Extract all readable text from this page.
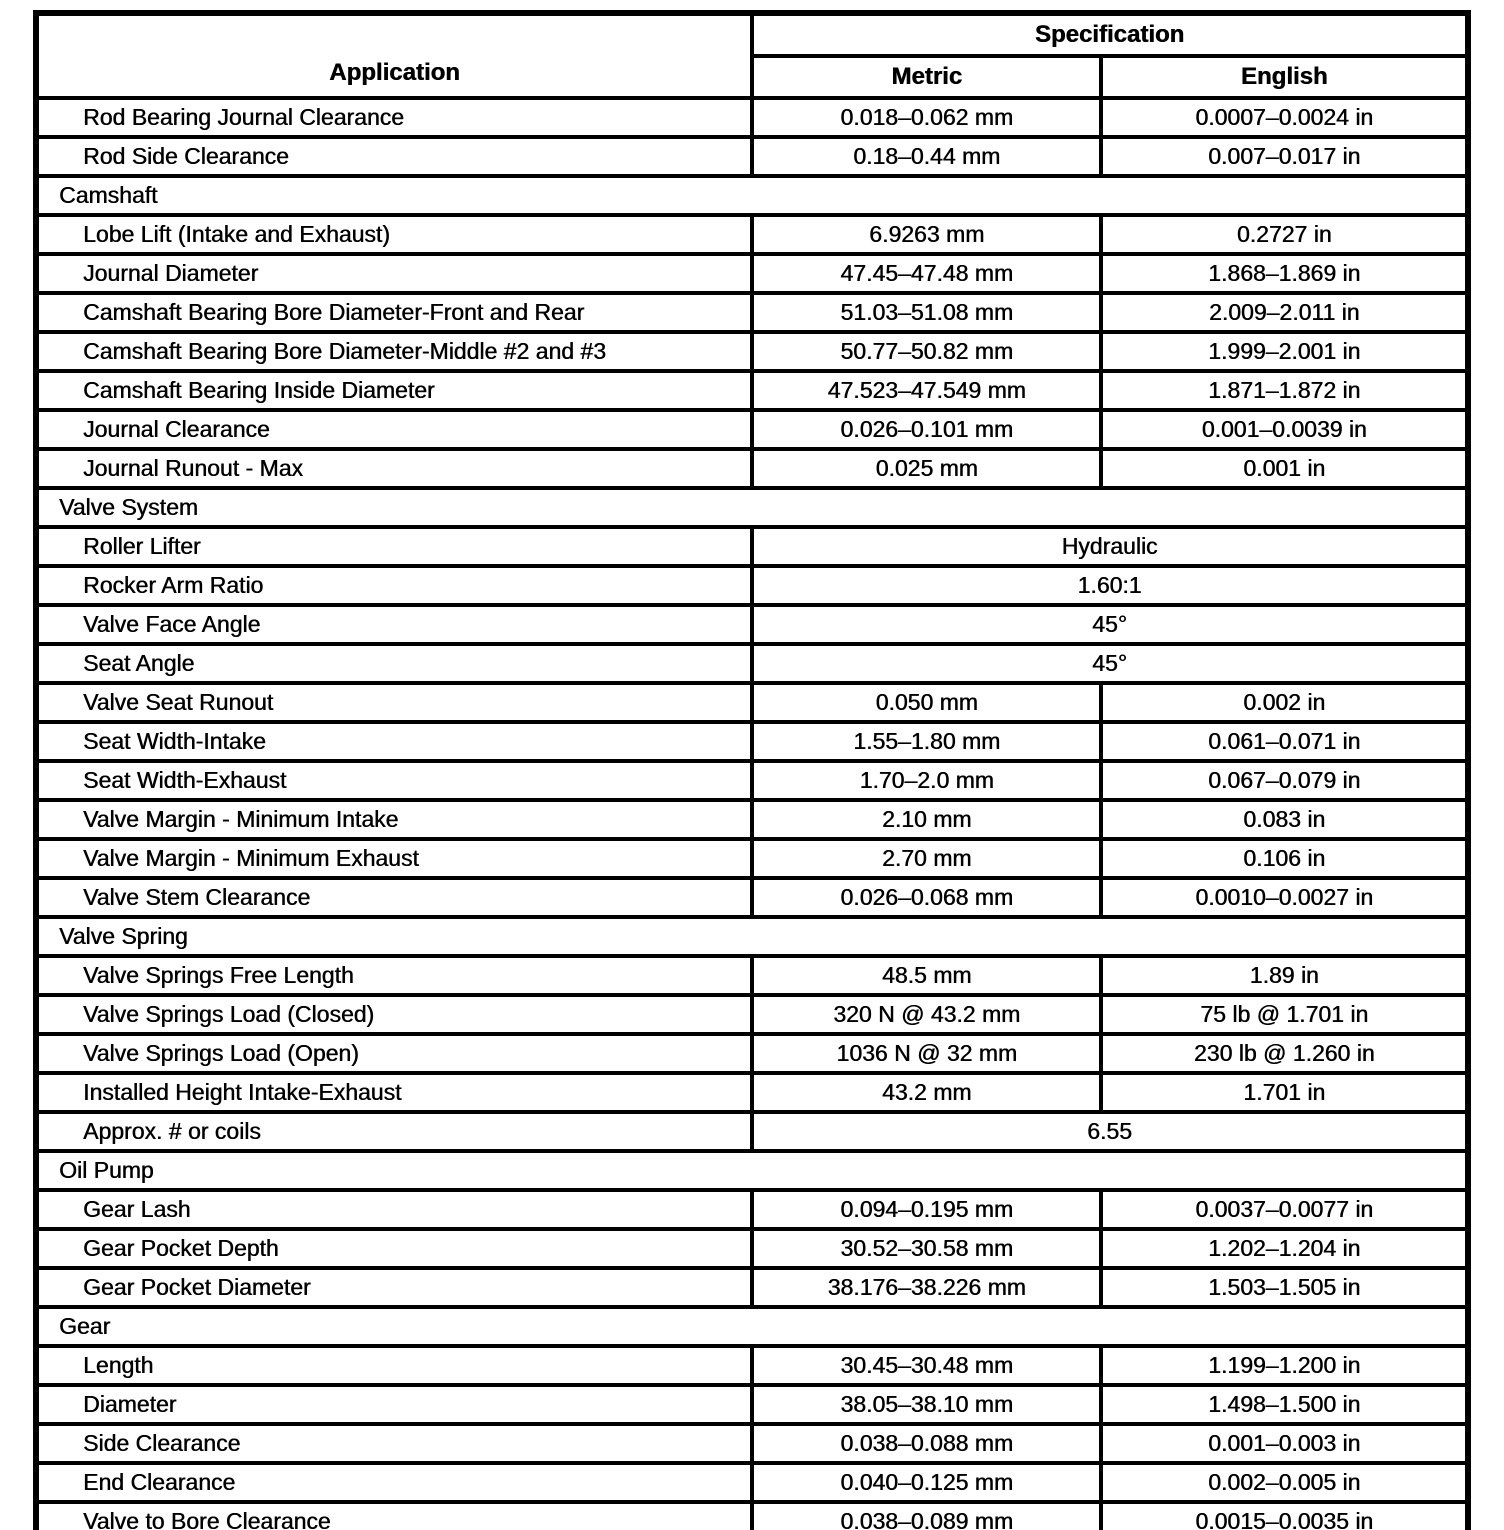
Application	Specification	
	Metric	English
Rod Bearing Journal Clearance	0.018–0.062 mm	0.0007–0.0024 in
Rod Side Clearance	0.18–0.44 mm	0.007–0.017 in
Camshaft		
Lobe Lift (Intake and Exhaust)	6.9263 mm	0.2727 in
Journal Diameter	47.45–47.48 mm	1.868–1.869 in
Camshaft Bearing Bore Diameter-Front and Rear	51.03–51.08 mm	2.009–2.011 in
Camshaft Bearing Bore Diameter-Middle #2 and #3	50.77–50.82 mm	1.999–2.001 in
Camshaft Bearing Inside Diameter	47.523–47.549 mm	1.871–1.872 in
Journal Clearance	0.026–0.101 mm	0.001–0.0039 in
Journal Runout - Max	0.025 mm	0.001 in
Valve System		
Roller Lifter	Hydraulic	
Rocker Arm Ratio	1.60:1	
Valve Face Angle	45°	
Seat Angle	45°	
Valve Seat Runout	0.050 mm	0.002 in
Seat Width-Intake	1.55–1.80 mm	0.061–0.071 in
Seat Width-Exhaust	1.70–2.0 mm	0.067–0.079 in
Valve Margin - Minimum Intake	2.10 mm	0.083 in
Valve Margin - Minimum Exhaust	2.70 mm	0.106 in
Valve Stem Clearance	0.026–0.068 mm	0.0010–0.0027 in
Valve Spring		
Valve Springs Free Length	48.5 mm	1.89 in
Valve Springs Load (Closed)	320 N @ 43.2 mm	75 lb @ 1.701 in
Valve Springs Load (Open)	1036 N @ 32 mm	230 lb @ 1.260 in
Installed Height Intake-Exhaust	43.2 mm	1.701 in
Approx. # or coils	6.55	
Oil Pump		
Gear Lash	0.094–0.195 mm	0.0037–0.0077 in
Gear Pocket Depth	30.52–30.58 mm	1.202–1.204 in
Gear Pocket Diameter	38.176–38.226 mm	1.503–1.505 in
Gear		
Length	30.45–30.48 mm	1.199–1.200 in
Diameter	38.05–38.10 mm	1.498–1.500 in
Side Clearance	0.038–0.088 mm	0.001–0.003 in
End Clearance	0.040–0.125 mm	0.002–0.005 in
Valve to Bore Clearance	0.038–0.089 mm	0.0015–0.0035 in
